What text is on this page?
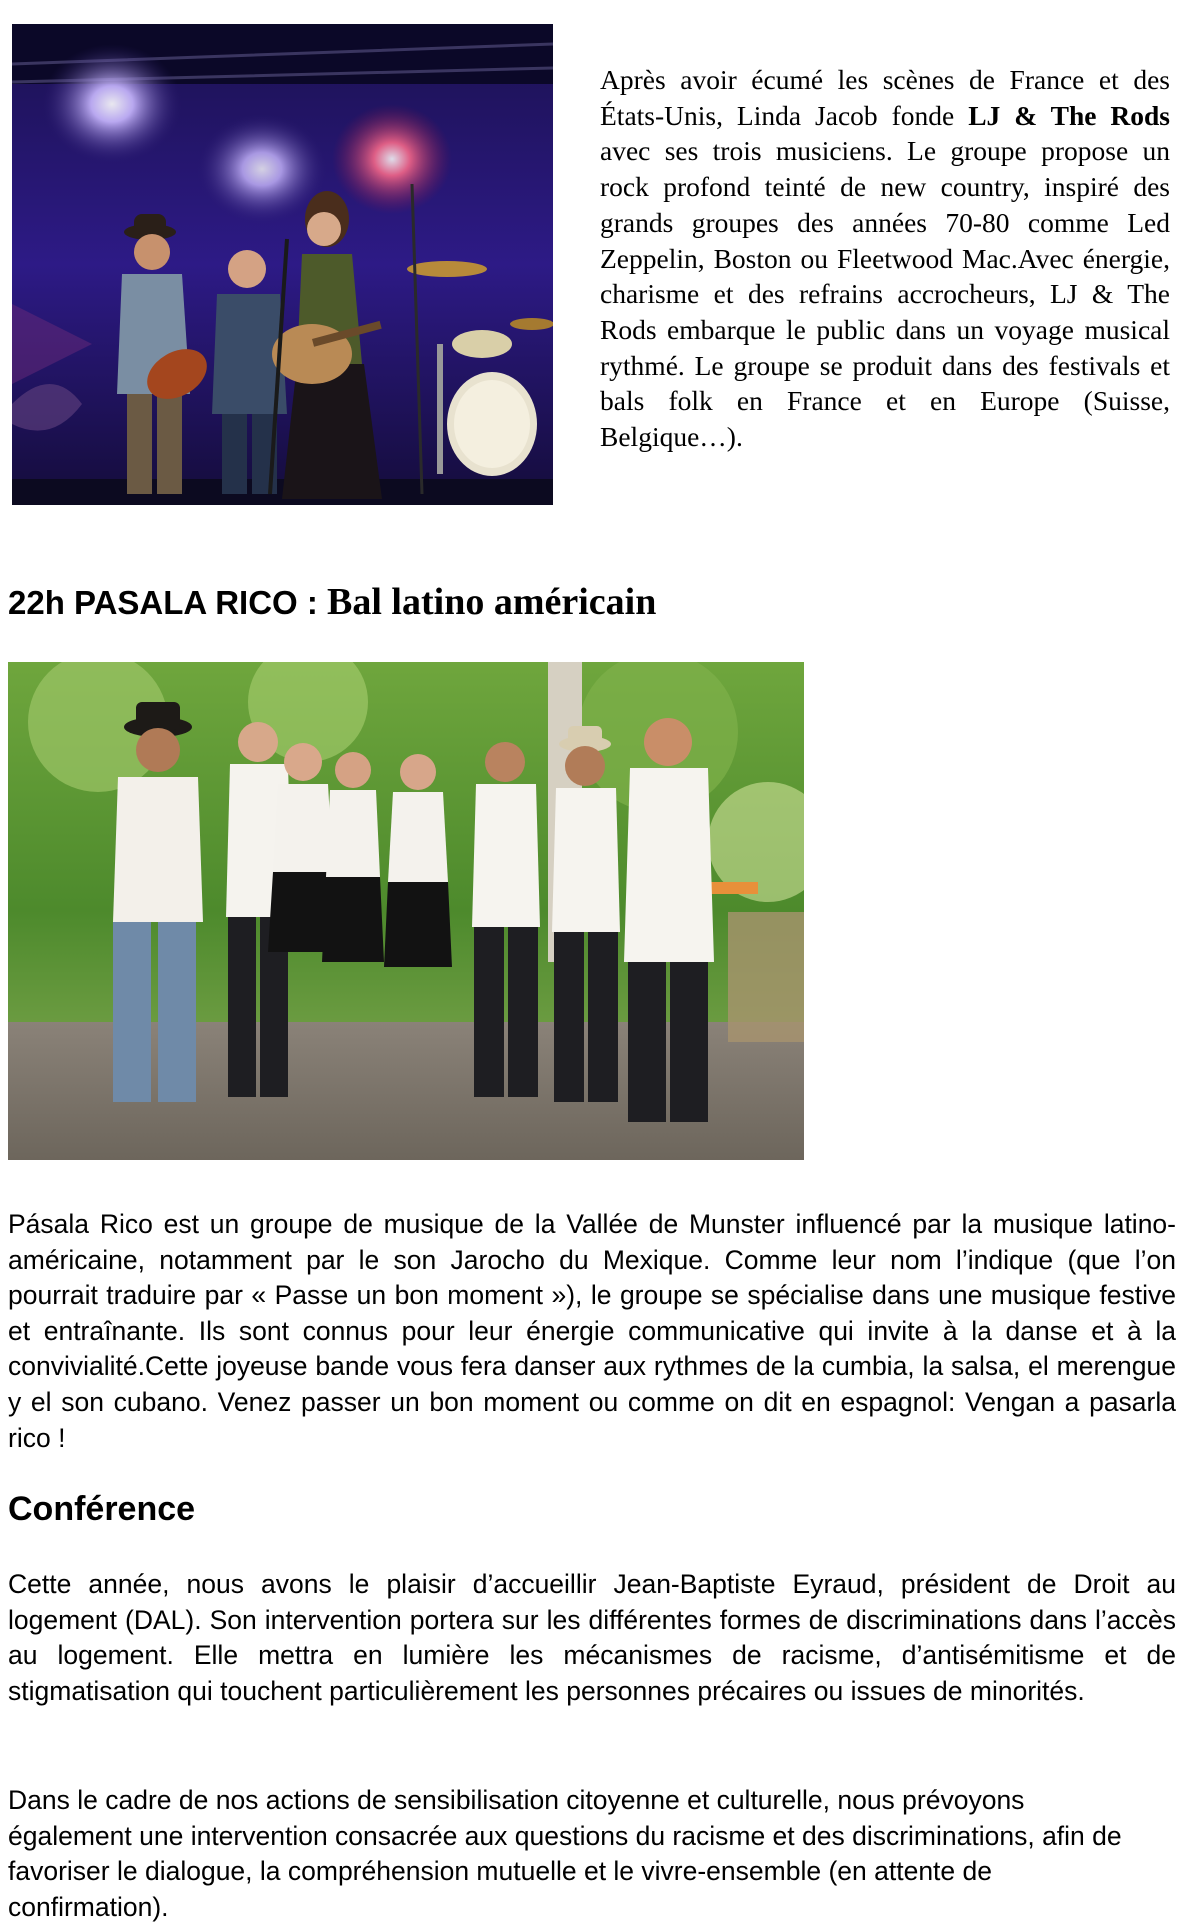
Après avoir écumé les scènes de France et des États-Unis, Linda Jacob fonde LJ & The Rods avec ses trois musiciens. Le groupe propose un rock profond teinté de new country, inspiré des grands groupes des années 70-80 comme Led Zeppelin, Boston ou Fleetwood Mac.Avec énergie, charisme et des refrains accrocheurs, LJ & The Rods embarque le public dans un voyage musical rythmé. Le groupe se produit dans des festivals et bals folk en France et en Europe (Suisse, Belgique…).

22h PASALA RICO : Bal latino américain

Pásala Rico est un groupe de musique de la Vallée de Munster influencé par la musique latino-américaine, notamment par le son Jarocho du Mexique. Comme leur nom l’indique (que l’on pourrait traduire par « Passe un bon moment »), le groupe se spécialise dans une musique festive et entraînante. Ils sont connus pour leur énergie communicative qui invite à la danse et à la convivialité.Cette joyeuse bande vous fera danser aux rythmes de la cumbia, la salsa, el merengue y el son cubano. Venez passer un bon moment ou comme on dit en espagnol: Vengan a pasarla rico !

Conférence

Cette année, nous avons le plaisir d’accueillir Jean-Baptiste Eyraud, président de Droit au logement (DAL). Son intervention portera sur les différentes formes de discriminations dans l’accès au logement. Elle mettra en lumière les mécanismes de racisme, d’antisémitisme et de stigmatisation qui touchent particulièrement les personnes précaires ou issues de minorités.

Dans le cadre de nos actions de sensibilisation citoyenne et culturelle, nous prévoyons également une intervention consacrée aux questions du racisme et des discriminations, afin de favoriser le dialogue, la compréhension mutuelle et le vivre-ensemble (en attente de confirmation).
